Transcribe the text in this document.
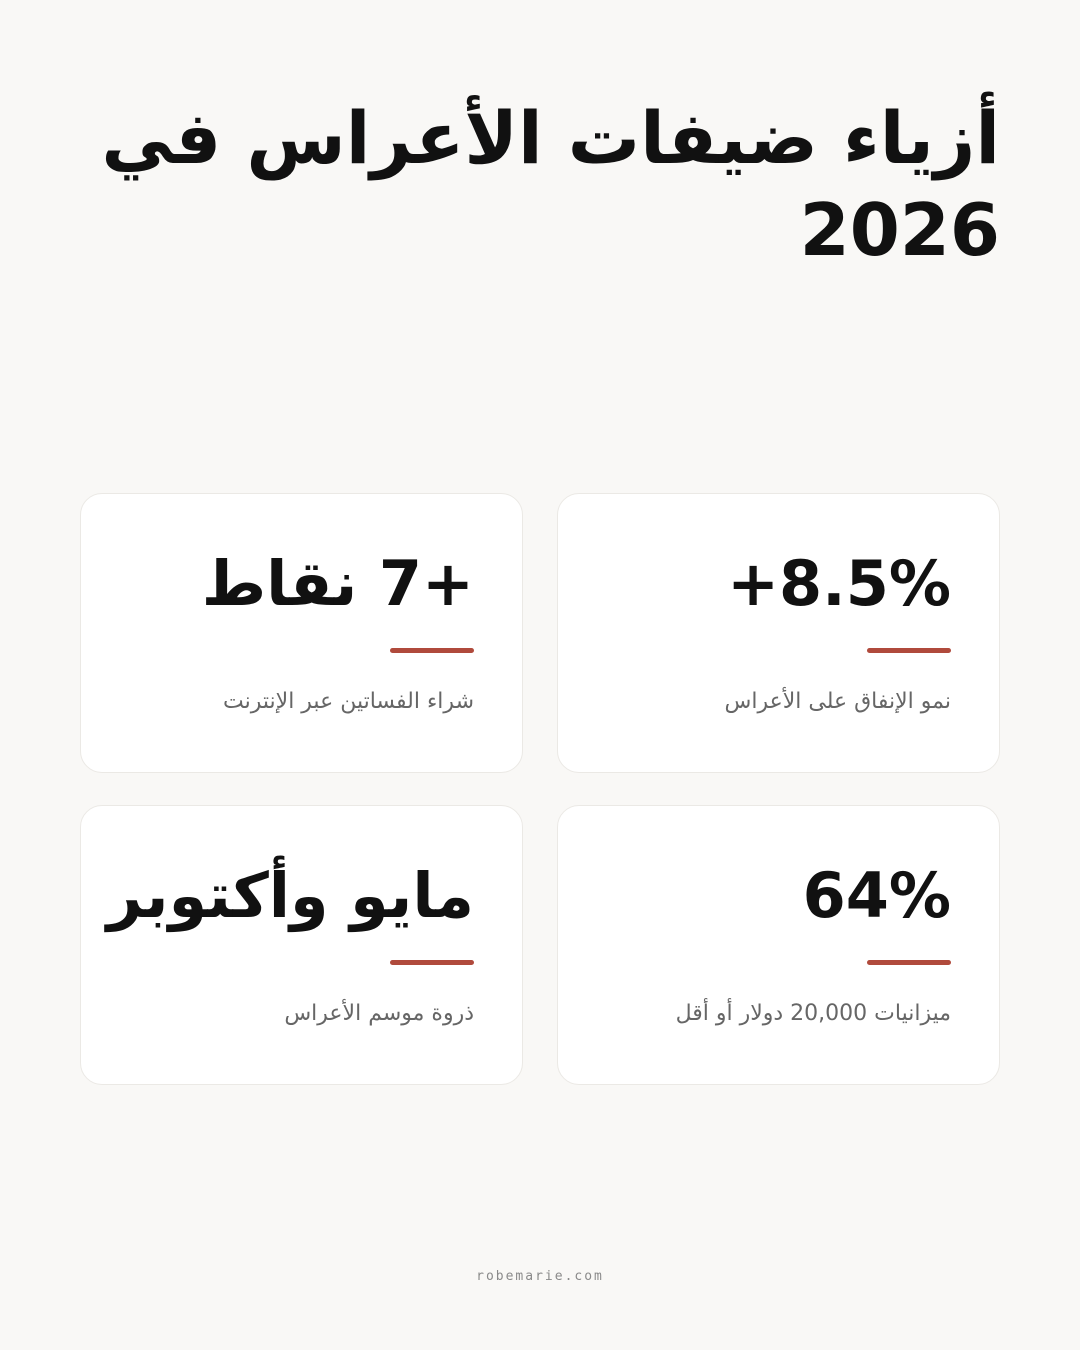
أزياء ضيفات الأعراس في 2026
+8.5%
نمو الإنفاق على الأعراس
+7 نقاط
شراء الفساتين عبر الإنترنت
64%
ميزانيات 20,000 دولار أو أقل
مايو وأكتوبر
ذروة موسم الأعراس
robemarie.com
